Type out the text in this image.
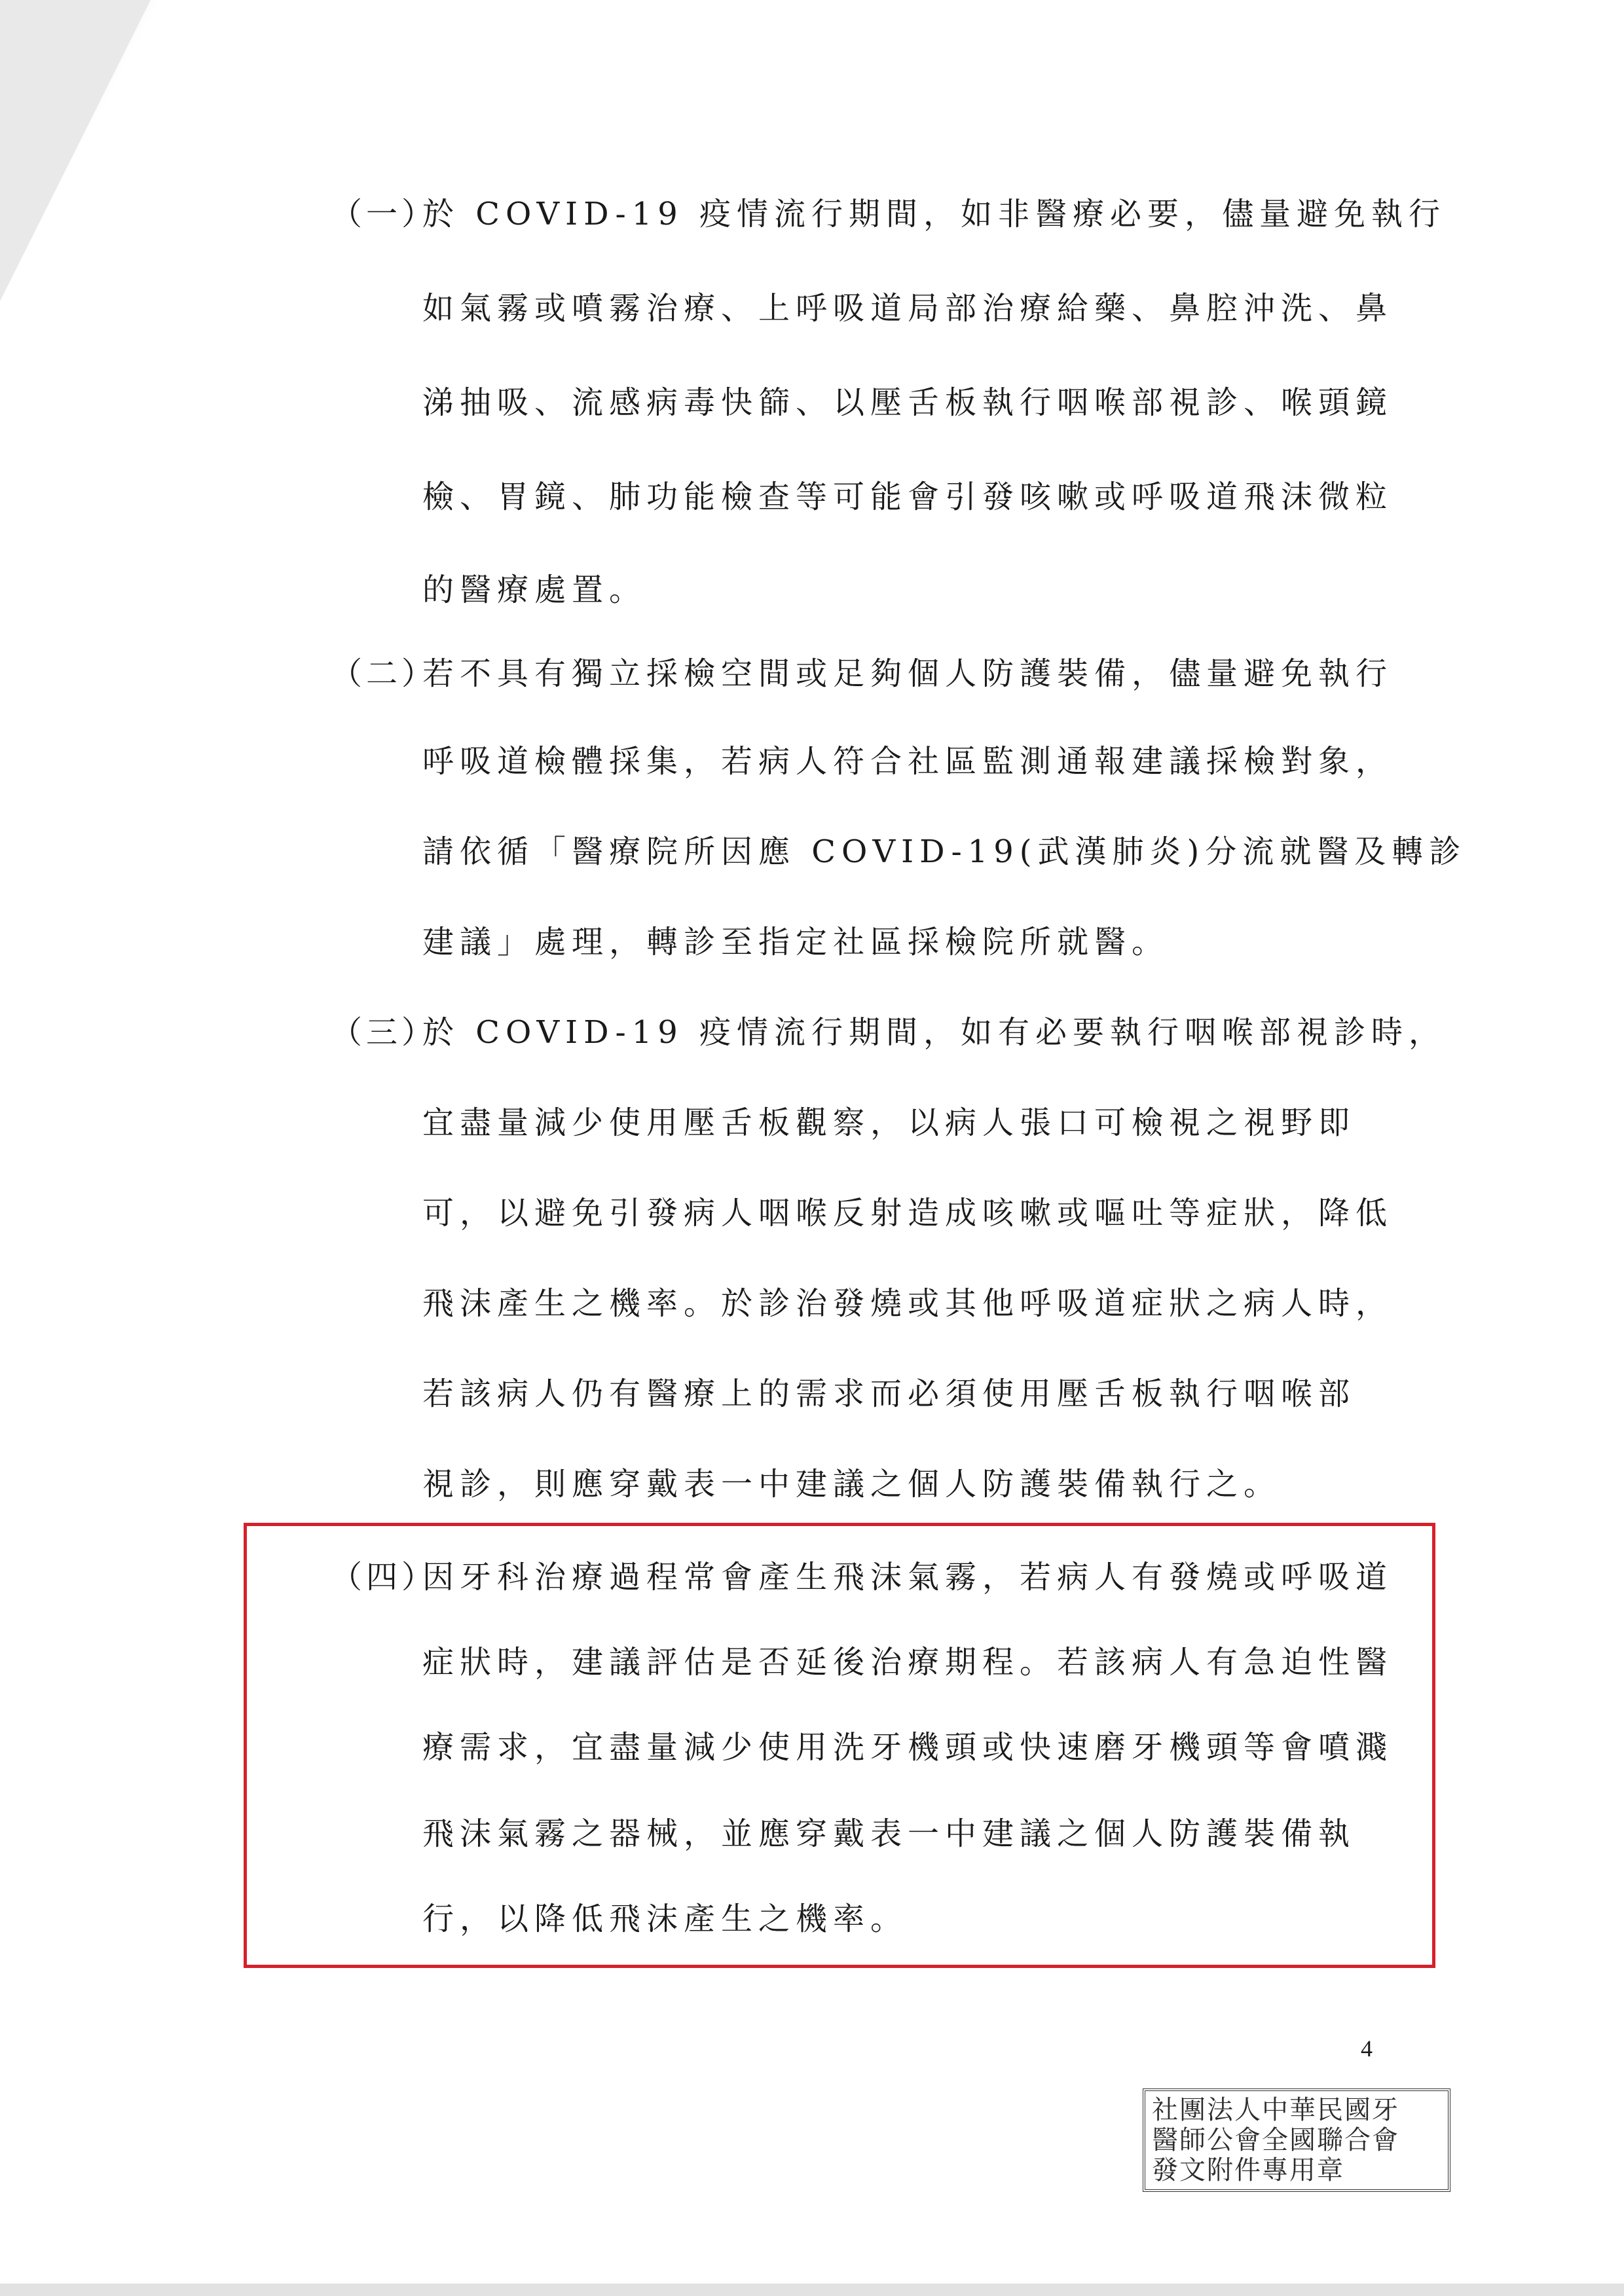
（一）
於 COVID-19 疫情流行期間，如非醫療必要，儘量避免執行
如氣霧或噴霧治療、上呼吸道局部治療給藥、鼻腔沖洗、鼻
涕抽吸、流感病毒快篩、以壓舌板執行咽喉部視診、喉頭鏡
檢、胃鏡、肺功能檢查等可能會引發咳嗽或呼吸道飛沫微粒
的醫療處置。
（二）
若不具有獨立採檢空間或足夠個人防護裝備，儘量避免執行
呼吸道檢體採集，若病人符合社區監測通報建議採檢對象，
請依循「醫療院所因應 COVID-19(武漢肺炎)分流就醫及轉診
建議」處理，轉診至指定社區採檢院所就醫。
（三）
於 COVID-19 疫情流行期間，如有必要執行咽喉部視診時，
宜盡量減少使用壓舌板觀察，以病人張口可檢視之視野即
可，以避免引發病人咽喉反射造成咳嗽或嘔吐等症狀，降低
飛沫產生之機率。於診治發燒或其他呼吸道症狀之病人時，
若該病人仍有醫療上的需求而必須使用壓舌板執行咽喉部
視診，則應穿戴表一中建議之個人防護裝備執行之。
（四）
因牙科治療過程常會產生飛沫氣霧，若病人有發燒或呼吸道
症狀時，建議評估是否延後治療期程。若該病人有急迫性醫
療需求，宜盡量減少使用洗牙機頭或快速磨牙機頭等會噴濺
飛沫氣霧之器械，並應穿戴表一中建議之個人防護裝備執
行，以降低飛沫產生之機率。
4
社團法人中華民國牙
醫師公會全國聯合會
發文附件專用章
